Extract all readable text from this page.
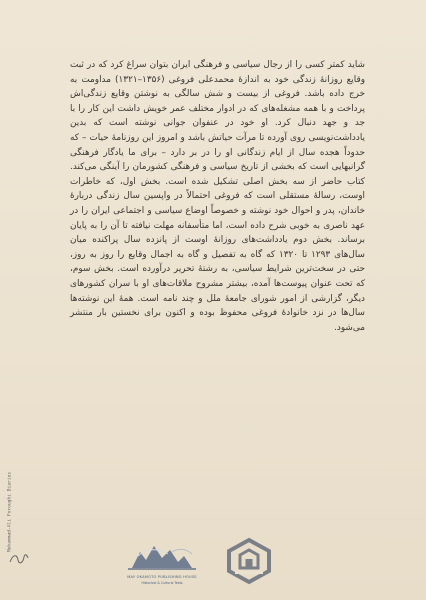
شاید کمتر کسی را از رجال سیاسی و فرهنگی ایران بتوان سراغ کرد که در ثبت وقایع روزانهٔ زندگی خود به اندازهٔ محمدعلی فروغی (۱۳۵۶–۱۳۲۱) مداومت به خرج داده باشد. فروغی از بیست و شش سالگی به نوشتن وقایع زندگی‌اش پرداخت و با همه مشغله‌های که در ادوار مختلف عمر خویش داشت این کار را با جد و جهد دنبال کرد. او خود در عنفوان جوانی نوشته است که بدین یادداشت‌نویسی روی آورده تا مرآت حیاتش باشد و امروز این روزنامهٔ حیات – که حدوداً هجده سال از ایام زندگانی او را در بر دارد – برای ما یادگار فرهنگی گرانبهایی است که بخشی از تاریخ سیاسی و فرهنگی کشورمان را آینگی می‌کند. کتاب حاضر از سه بخش اصلی تشکیل شده است. بخش اول، که خاطرات اوست، رسالهٔ مستقلی است که فروغی احتمالاً در واپسین سال زندگی دربارهٔ خاندان، پدر و احوال خود نوشته و خصوصاً اوضاع سیاسی و اجتماعی ایران را در عهد ناصری به خوبی شرح داده است، اما متأسفانه مهلت نیافته تا آن را به پایان برساند. بخش دوم یادداشت‌های روزانهٔ اوست از پانزده سال پراکنده میان سال‌های ۱۲۹۳ تا ۱۳۲۰ که گاه به تفصیل و گاه به اجمال وقایع را روز به روز، حتی در سخت‌ترین شرایط سیاسی، به رشتهٔ تحریر درآورده است. بخش سوم، که تحت عنوان پیوست‌ها آمده، بیشتر مشروح ملاقات‌های او با سران کشورهای دیگر، گزارشی از امور شورای جامعهٔ ملل و چند نامه است. همهٔ این نوشته‌ها سال‌ها در نزد خانوادهٔ فروغی محفوظ بوده و اکنون برای نخستین بار منتشر می‌شود.

Mohammad-Ali Foroughi Diaries
MAY OKAMOTO PUBLISHING HOUSE
Historical & Cultural Texts
